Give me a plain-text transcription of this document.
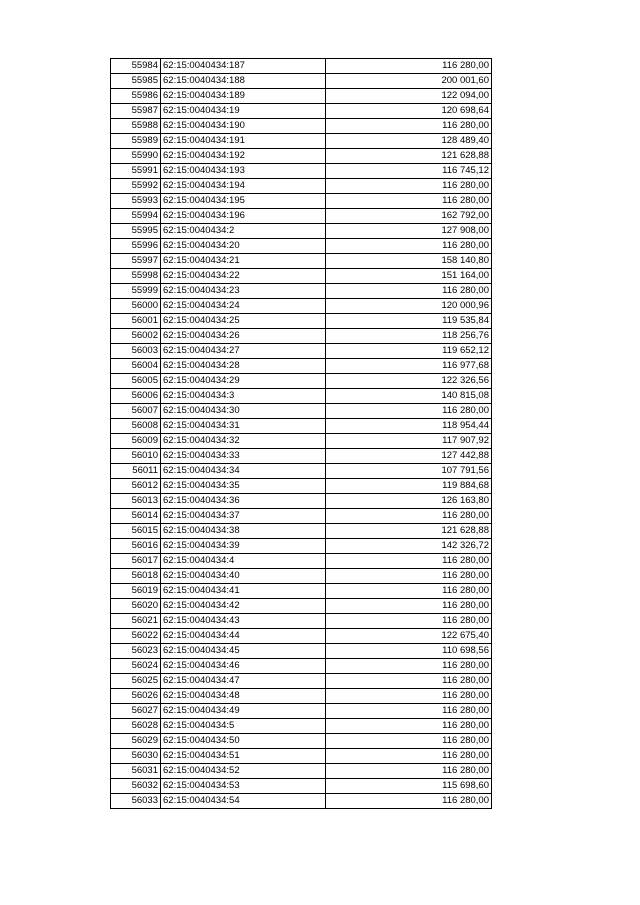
55984	62:15:0040434:187	116 280,00
55985	62:15:0040434:188	200 001,60
55986	62:15:0040434:189	122 094,00
55987	62:15:0040434:19	120 698,64
55988	62:15:0040434:190	116 280,00
55989	62:15:0040434:191	128 489,40
55990	62:15:0040434:192	121 628,88
55991	62:15:0040434:193	116 745,12
55992	62:15:0040434:194	116 280,00
55993	62:15:0040434:195	116 280,00
55994	62:15:0040434:196	162 792,00
55995	62:15:0040434:2	127 908,00
55996	62:15:0040434:20	116 280,00
55997	62:15:0040434:21	158 140,80
55998	62:15:0040434:22	151 164,00
55999	62:15:0040434:23	116 280,00
56000	62:15:0040434:24	120 000,96
56001	62:15:0040434:25	119 535,84
56002	62:15:0040434:26	118 256,76
56003	62:15:0040434:27	119 652,12
56004	62:15:0040434:28	116 977,68
56005	62:15:0040434:29	122 326,56
56006	62:15:0040434:3	140 815,08
56007	62:15:0040434:30	116 280,00
56008	62:15:0040434:31	118 954,44
56009	62:15:0040434:32	117 907,92
56010	62:15:0040434:33	127 442,88
56011	62:15:0040434:34	107 791,56
56012	62:15:0040434:35	119 884,68
56013	62:15:0040434:36	126 163,80
56014	62:15:0040434:37	116 280,00
56015	62:15:0040434:38	121 628,88
56016	62:15:0040434:39	142 326,72
56017	62:15:0040434:4	116 280,00
56018	62:15:0040434:40	116 280,00
56019	62:15:0040434:41	116 280,00
56020	62:15:0040434:42	116 280,00
56021	62:15:0040434:43	116 280,00
56022	62:15:0040434:44	122 675,40
56023	62:15:0040434:45	110 698,56
56024	62:15:0040434:46	116 280,00
56025	62:15:0040434:47	116 280,00
56026	62:15:0040434:48	116 280,00
56027	62:15:0040434:49	116 280,00
56028	62:15:0040434:5	116 280,00
56029	62:15:0040434:50	116 280,00
56030	62:15:0040434:51	116 280,00
56031	62:15:0040434:52	116 280,00
56032	62:15:0040434:53	115 698,60
56033	62:15:0040434:54	116 280,00
